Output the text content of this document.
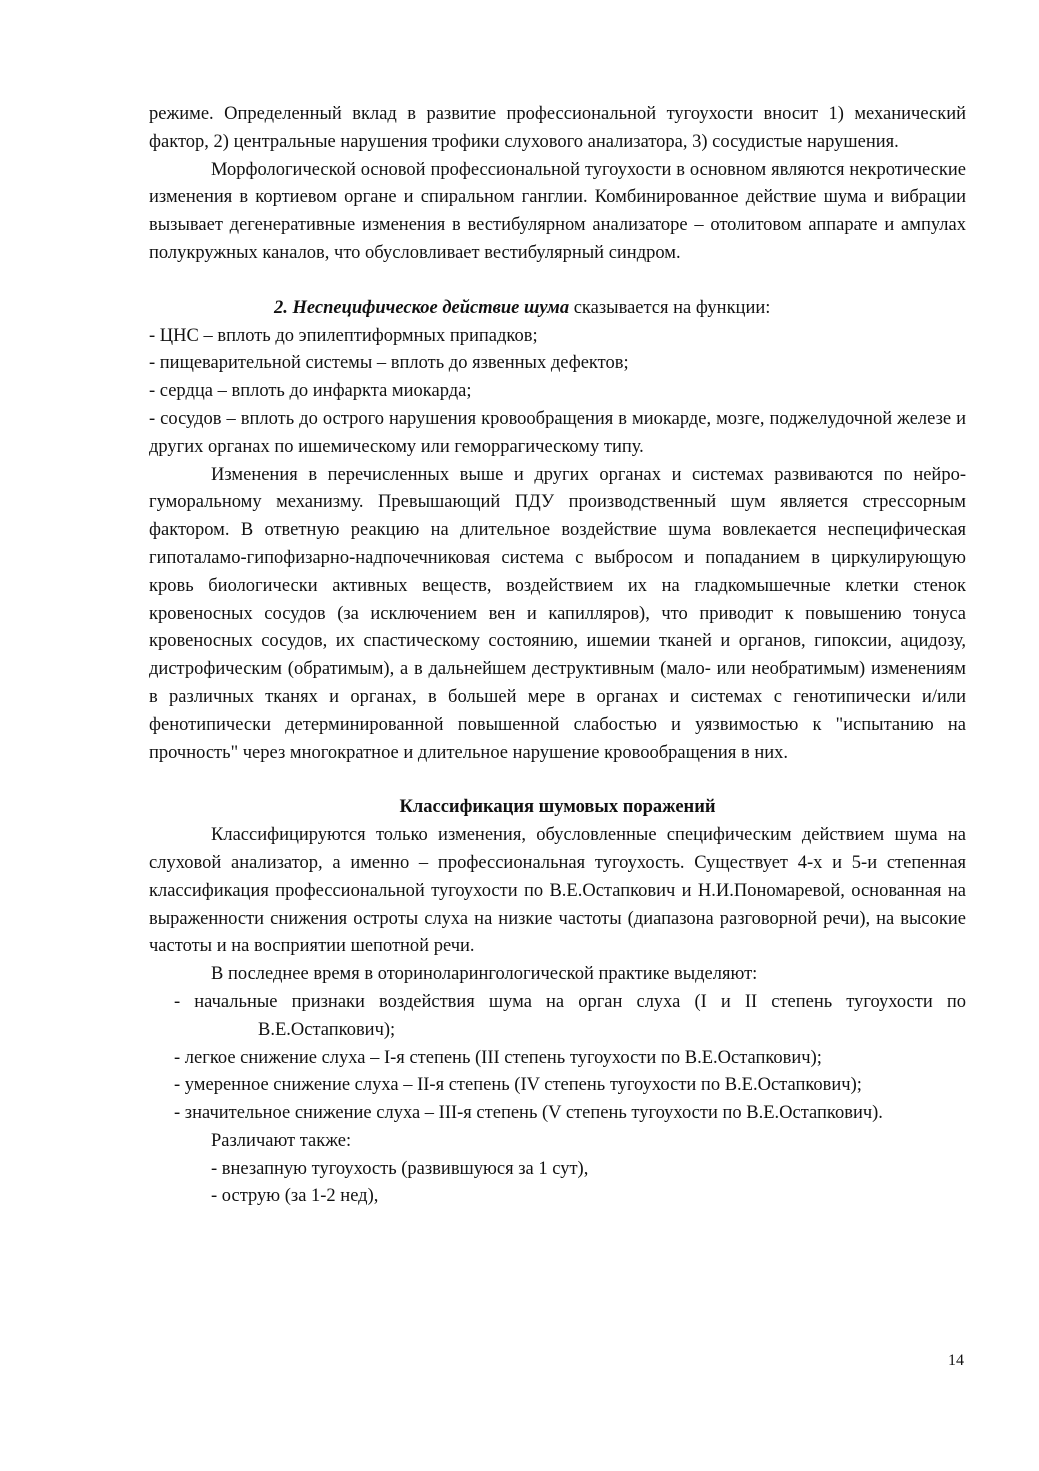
режиме. Определенный вклад в развитие профессиональной тугоухости вносит 1) механический фактор, 2) центральные нарушения трофики слухового анализатора, 3) сосудистые нарушения.

Морфологической основой профессиональной тугоухости в основном являются некротические изменения в кортиевом органе и спиральном ганглии. Комбинированное действие шума и вибрации вызывает дегенеративные изменения в вестибулярном анализаторе – отолитовом аппарате и ампулах полукружных каналов, что обусловливает вестибулярный синдром.

2. Неспецифическое действие шума сказывается на функции:

- ЦНС – вплоть до эпилептиформных припадков;

- пищеварительной системы – вплоть до язвенных дефектов;

- сердца – вплоть до инфаркта миокарда;

- сосудов – вплоть до острого нарушения кровообращения в миокарде, мозге, поджелудочной железе и других органах по ишемическому или геморрагическому типу.

Изменения в перечисленных выше и других органах и системах развиваются по нейро-гуморальному механизму. Превышающий ПДУ производственный шум является стрессорным фактором. В ответную реакцию на длительное воздействие шума вовлекается неспецифическая гипоталамо-гипофизарно-надпочечниковая система с выбросом и попаданием в циркулирующую кровь биологически активных веществ, воздействием их на гладкомышечные клетки стенок кровеносных сосудов (за исключением вен и капилляров), что приводит к повышению тонуса кровеносных сосудов, их спастическому состоянию, ишемии тканей и органов, гипоксии, ацидозу, дистрофическим (обратимым), а в дальнейшем деструктивным (мало- или необратимым) изменениям в различных тканях и органах, в большей мере в органах и системах с генотипически и/или фенотипически детерминированной повышенной слабостью и уязвимостью к "испытанию на прочность" через многократное и длительное нарушение кровообращения в них.

Классификация шумовых поражений

Классифицируются только изменения, обусловленные специфическим действием шума на слуховой анализатор, а именно – профессиональная тугоухость. Существует 4-х и 5-и степенная классификация профессиональной тугоухости по В.Е.Остапкович и Н.И.Пономаревой, основанная на выраженности снижения остроты слуха на низкие частоты (диапазона разговорной речи), на высокие частоты и на восприятии шепотной речи.

В последнее время в оториноларингологической практике выделяют:

- начальные признаки воздействия шума на орган слуха (I и II степень тугоухости по В.Е.Остапкович);

- легкое снижение слуха – I-я степень (III степень тугоухости по В.Е.Остапкович);

- умеренное снижение слуха – II-я степень (IV степень тугоухости по В.Е.Остапкович);

- значительное снижение слуха – III-я степень (V степень тугоухости по В.Е.Остапкович).

Различают также:

- внезапную тугоухость (развившуюся за 1 сут),

- острую (за 1-2 нед),

14
